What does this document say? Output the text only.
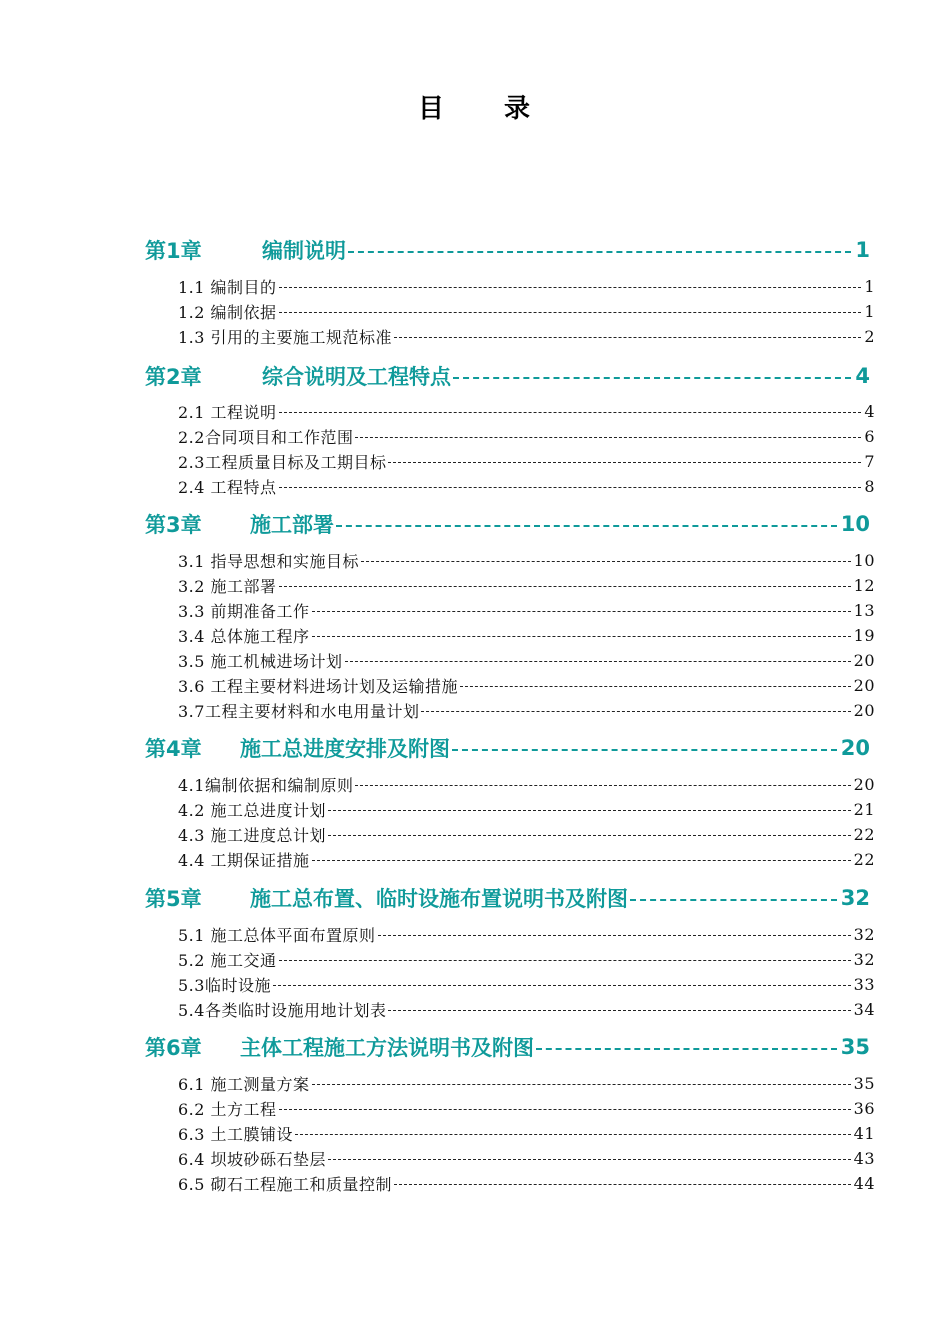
目 录
第1章	编制说明	1
1.1 编制目的	1
1.2 编制依据	1
1.3 引用的主要施工规范标准	2
第2章	综合说明及工程特点	4
2.1 工程说明	4
2.2合同项目和工作范围	6
2.3工程质量目标及工期目标	7
2.4 工程特点	8
第3章	施工部署	10
3.1 指导思想和实施目标	10
3.2 施工部署	12
3.3 前期准备工作	13
3.4 总体施工程序	19
3.5 施工机械进场计划	20
3.6 工程主要材料进场计划及运输措施	20
3.7工程主要材料和水电用量计划	20
第4章	施工总进度安排及附图	20
4.1编制依据和编制原则	20
4.2 施工总进度计划	21
4.3 施工进度总计划	22
4.4 工期保证措施	22
第5章	施工总布置、临时设施布置说明书及附图	32
5.1 施工总体平面布置原则	32
5.2 施工交通	32
5.3临时设施	33
5.4各类临时设施用地计划表	34
第6章	主体工程施工方法说明书及附图	35
6.1 施工测量方案	35
6.2 土方工程	36
6.3 土工膜铺设	41
6.4 坝坡砂砾石垫层	43
6.5 砌石工程施工和质量控制	44
